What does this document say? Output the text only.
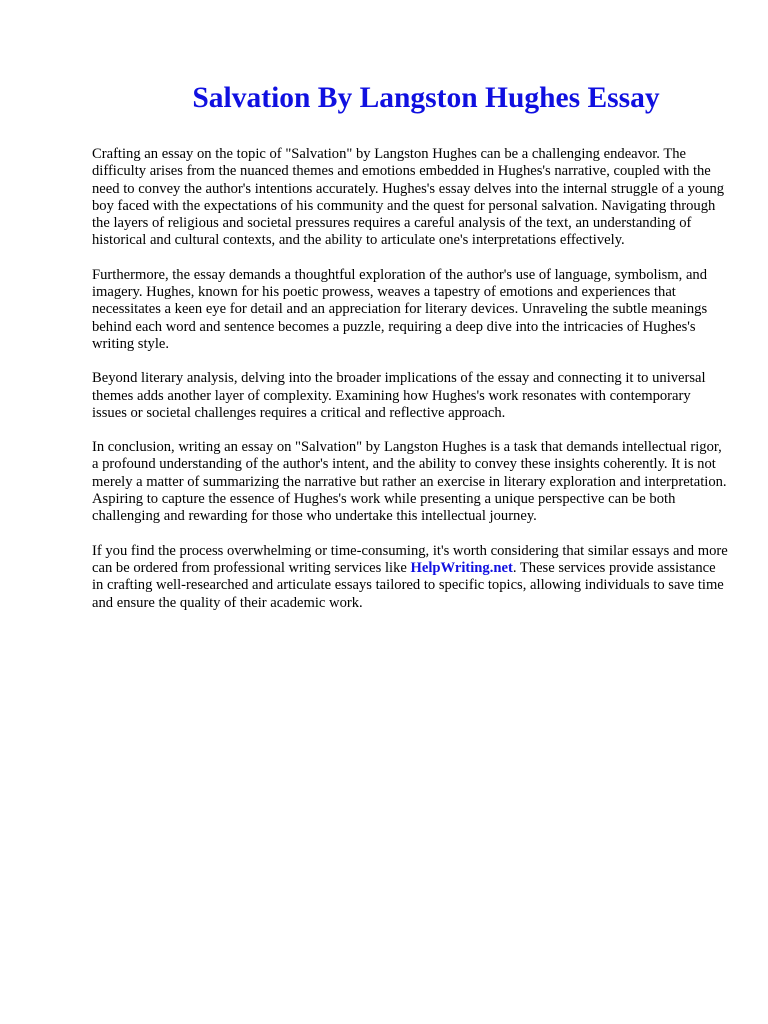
Salvation By Langston Hughes Essay

Crafting an essay on the topic of "Salvation" by Langston Hughes can be a challenging endeavor. The difficulty arises from the nuanced themes and emotions embedded in Hughes's narrative, coupled with the need to convey the author's intentions accurately. Hughes's essay delves into the internal struggle of a young boy faced with the expectations of his community and the quest for personal salvation. Navigating through the layers of religious and societal pressures requires a careful analysis of the text, an understanding of historical and cultural contexts, and the ability to articulate one's interpretations effectively.

Furthermore, the essay demands a thoughtful exploration of the author's use of language, symbolism, and imagery. Hughes, known for his poetic prowess, weaves a tapestry of emotions and experiences that necessitates a keen eye for detail and an appreciation for literary devices. Unraveling the subtle meanings behind each word and sentence becomes a puzzle, requiring a deep dive into the intricacies of Hughes's writing style.

Beyond literary analysis, delving into the broader implications of the essay and connecting it to universal themes adds another layer of complexity. Examining how Hughes's work resonates with contemporary issues or societal challenges requires a critical and reflective approach.

In conclusion, writing an essay on "Salvation" by Langston Hughes is a task that demands intellectual rigor, a profound understanding of the author's intent, and the ability to convey these insights coherently. It is not merely a matter of summarizing the narrative but rather an exercise in literary exploration and interpretation. Aspiring to capture the essence of Hughes's work while presenting a unique perspective can be both challenging and rewarding for those who undertake this intellectual journey.

If you find the process overwhelming or time-consuming, it's worth considering that similar essays and more can be ordered from professional writing services like HelpWriting.net. These services provide assistance in crafting well-researched and articulate essays tailored to specific topics, allowing individuals to save time and ensure the quality of their academic work.
